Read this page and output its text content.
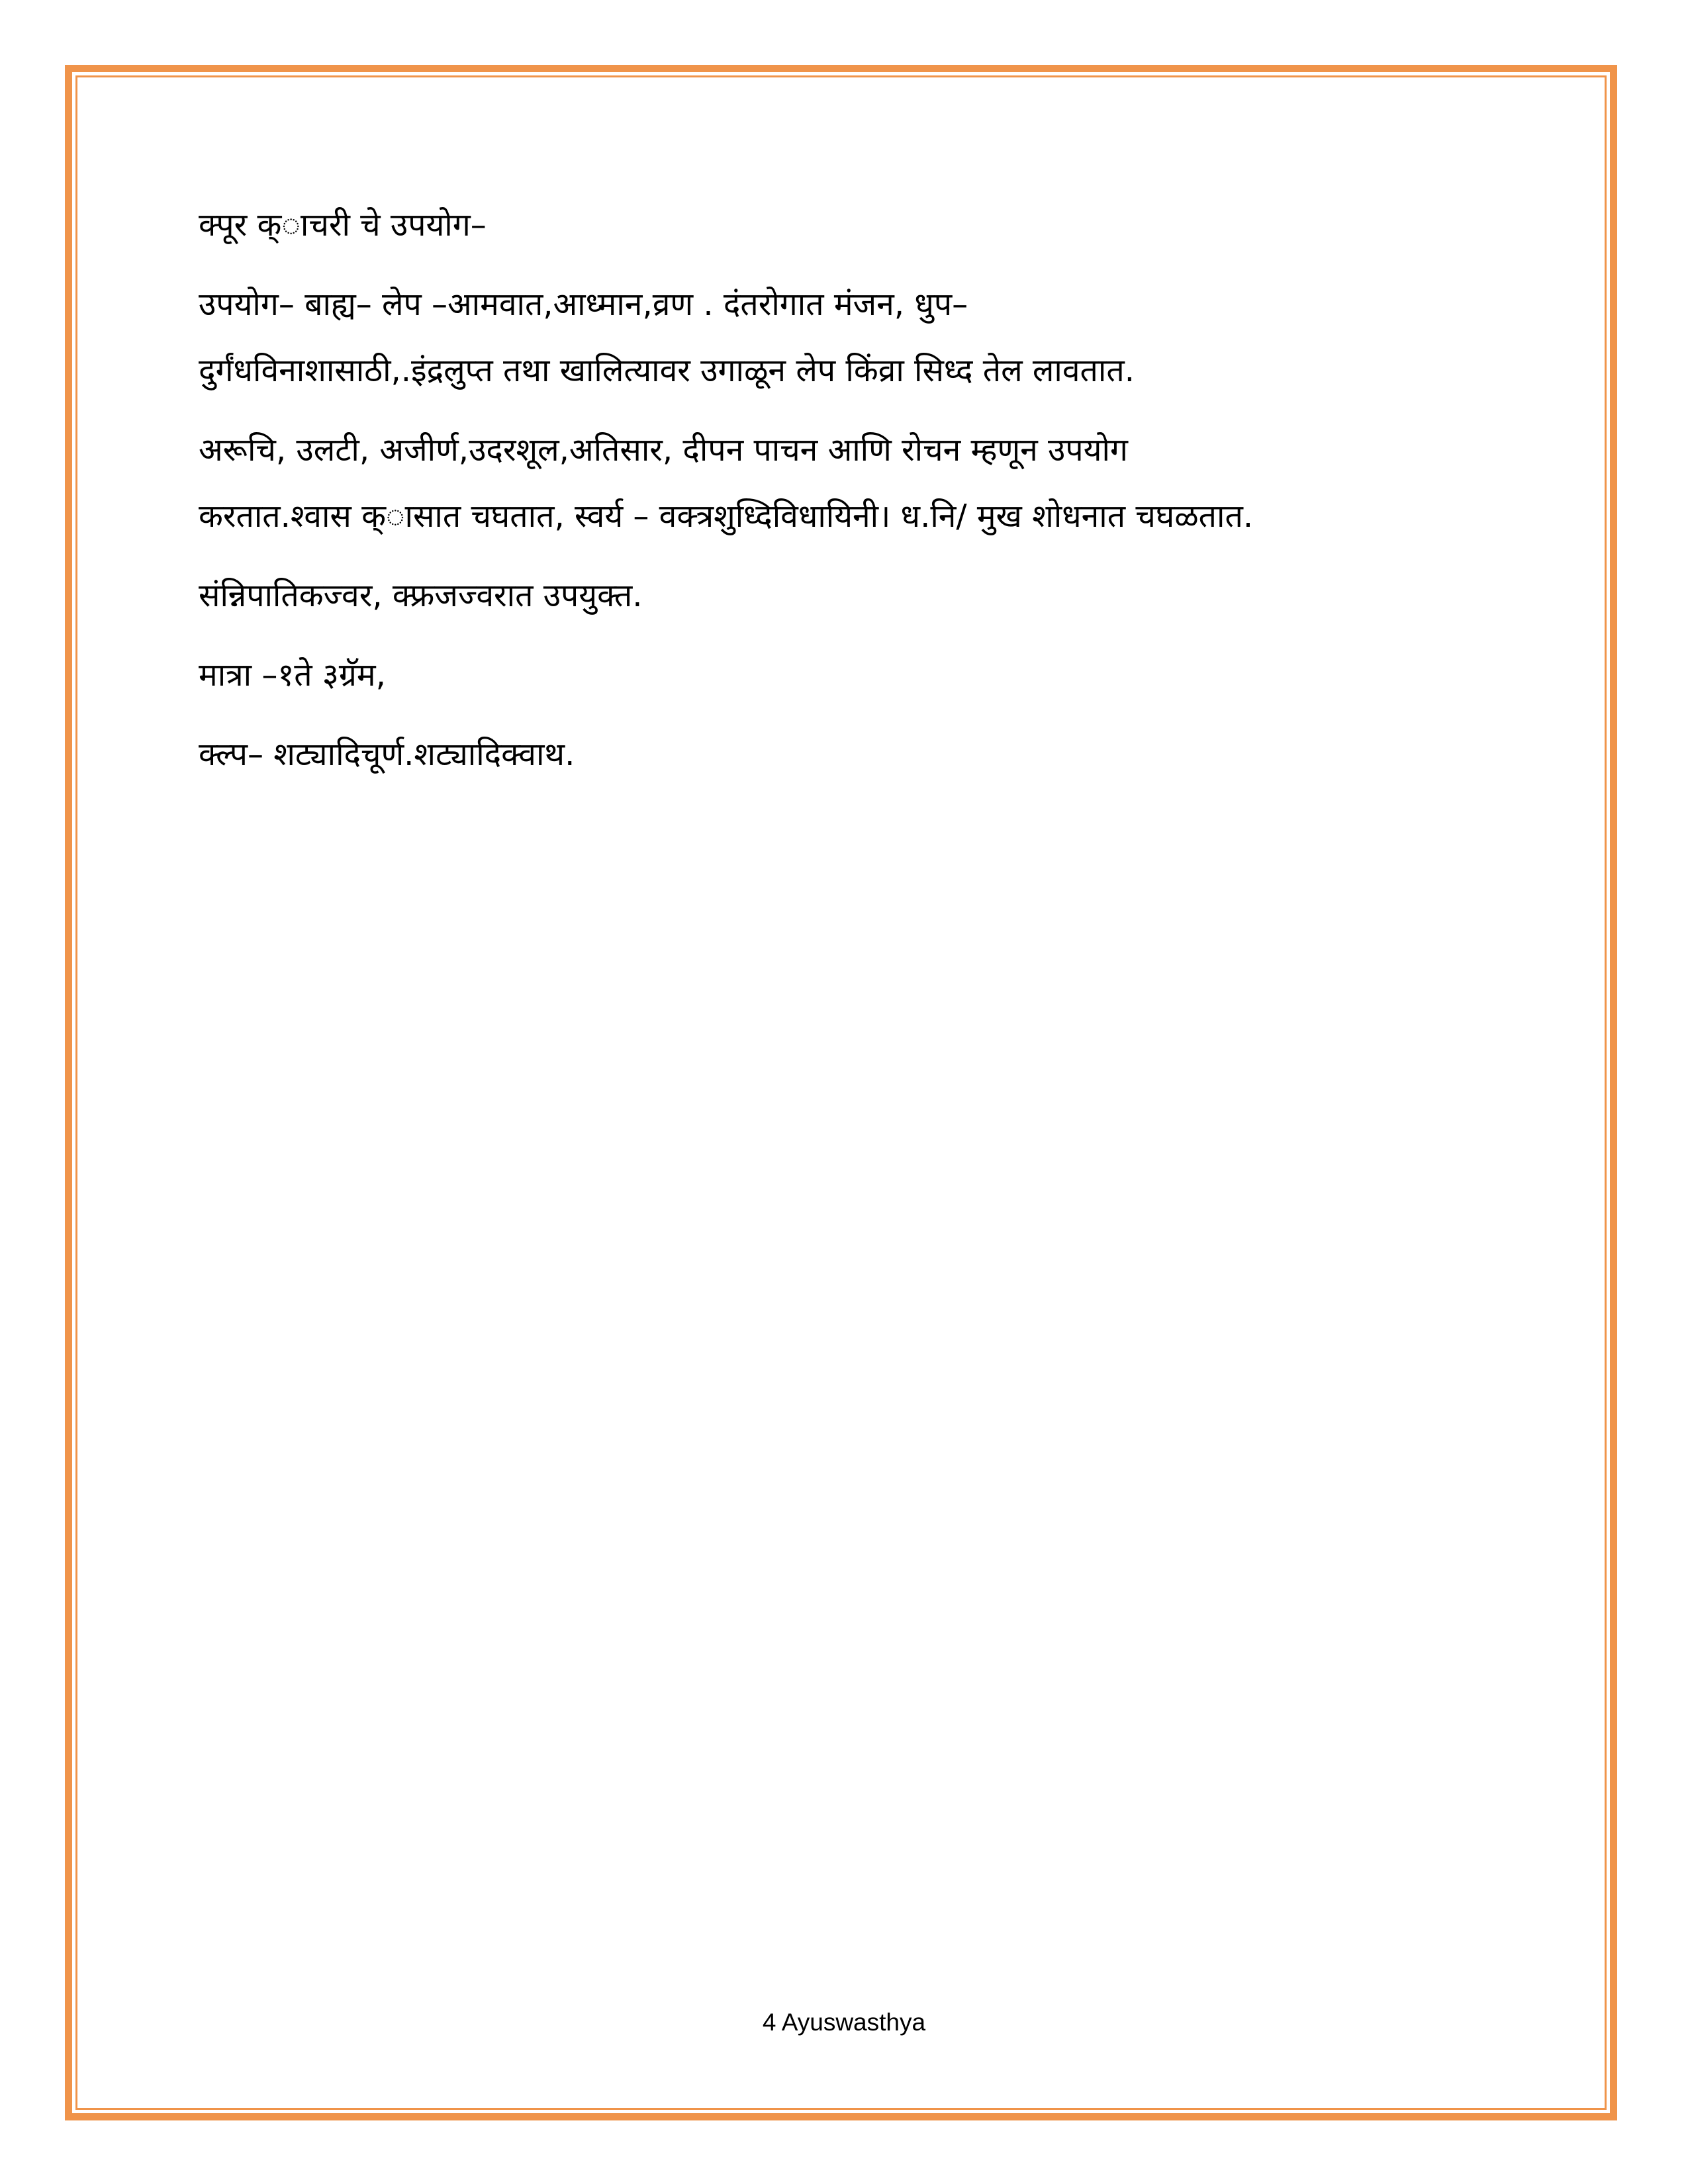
क्पूर क्ाचरी चे उपयोग–

उपयोग– बाह्य– लेप –आमवात,आध्मान,व्रण . दंतरोगात मंजन, धुप–
दुर्गंधविनाशासाठी,.इंद्रलुप्त तथा खालित्यावर उगाळून लेप किंव्रा सिध्द तेल लावतात.

अरूचि, उलटी, अजीर्ण,उदरशूल,अतिसार, दीपन पाचन आणि रोचन म्हणून उपयोग
करतात.श्वास क्ासात चघतात, स्वर्य – वक्त्रशुध्दिविधायिनी। ध.नि/ मुख शोधनात चघळतात.

संन्निपातिकज्वर, क्फ्रजज्वरात उपयुक्त.

मात्रा –१ते ३ग्रॅम,

क्ल्प– शट्यादिचूर्ण.शट्यादिक्वाथ.

4 Ayuswasthya
